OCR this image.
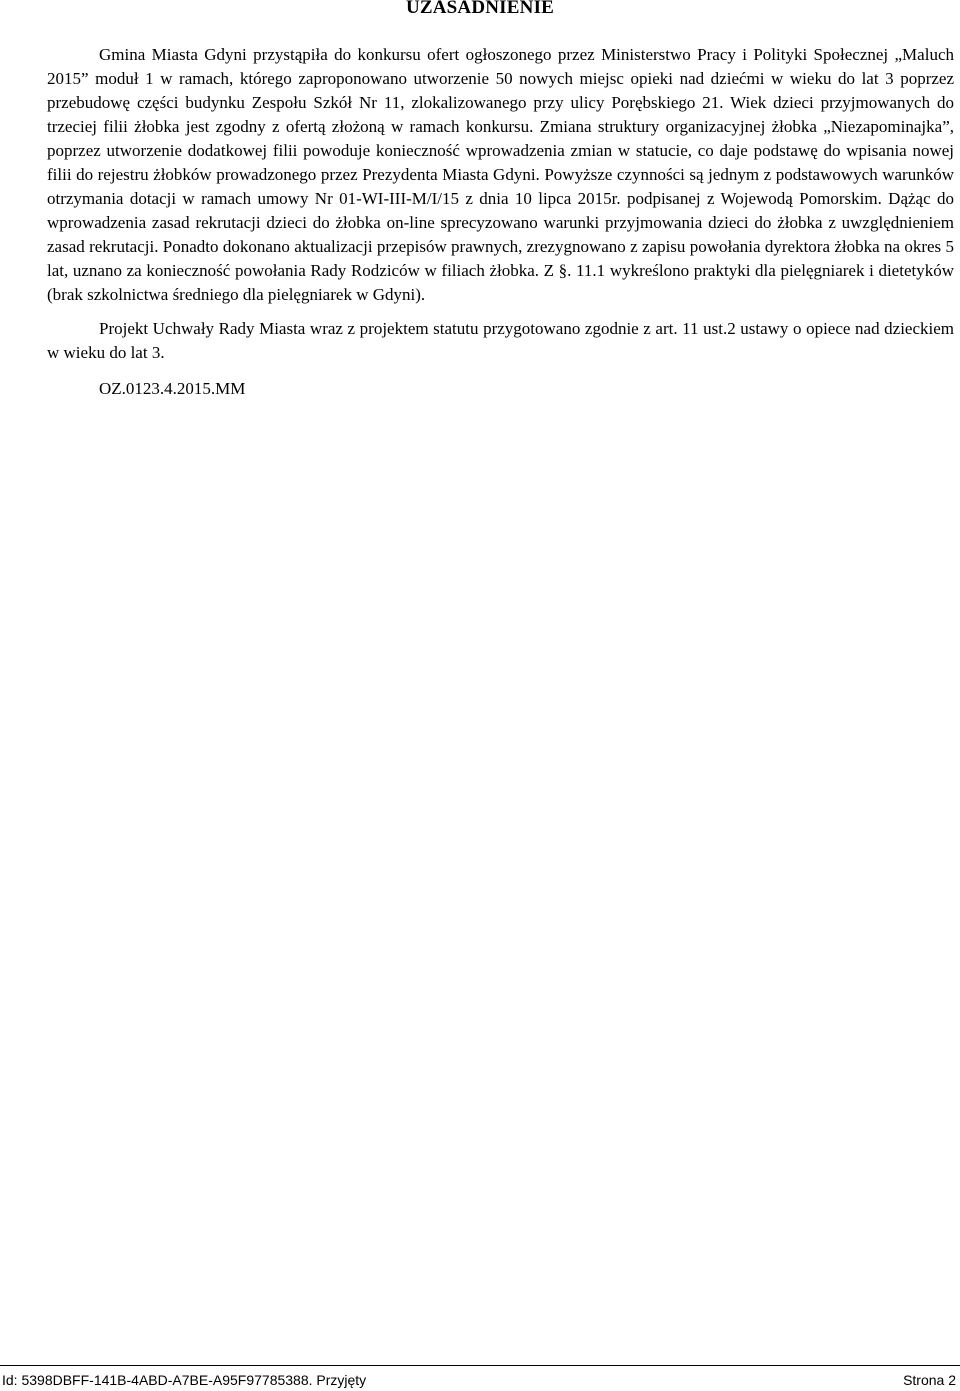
UZASADNIENIE

Gmina Miasta Gdyni przystąpiła do konkursu ofert ogłoszonego przez Ministerstwo Pracy i Polityki Społecznej „Maluch 2015” moduł 1 w ramach, którego zaproponowano utworzenie 50 nowych miejsc opieki nad dziećmi w wieku do lat 3 poprzez przebudowę części budynku Zespołu Szkół Nr 11, zlokalizowanego przy ulicy Porębskiego 21. Wiek dzieci przyjmowanych do trzeciej filii żłobka jest zgodny z ofertą złożoną w ramach konkursu. Zmiana struktury organizacyjnej żłobka „Niezapominajka”, poprzez utworzenie dodatkowej filii powoduje konieczność wprowadzenia zmian w statucie, co daje podstawę do wpisania nowej filii do rejestru żłobków prowadzonego przez Prezydenta Miasta Gdyni. Powyższe czynności są jednym z podstawowych warunków otrzymania dotacji w ramach umowy Nr 01-WI-III-M/I/15 z dnia 10 lipca 2015r. podpisanej z Wojewodą Pomorskim. Dążąc do wprowadzenia zasad rekrutacji dzieci do żłobka on-line sprecyzowano warunki przyjmowania dzieci do żłobka z uwzględnieniem zasad rekrutacji. Ponadto dokonano aktualizacji przepisów prawnych, zrezygnowano z zapisu powołania dyrektora żłobka na okres 5 lat, uznano za konieczność powołania Rady Rodziców w filiach żłobka. Z §. 11.1 wykreślono praktyki dla pielęgniarek i dietetyków (brak szkolnictwa średniego dla pielęgniarek w Gdyni).

Projekt Uchwały Rady Miasta wraz z projektem statutu przygotowano zgodnie z art. 11 ust.2 ustawy o opiece nad dzieckiem w wieku do lat 3.

OZ.0123.4.2015.MM

Id: 5398DBFF-141B-4ABD-A7BE-A95F97785388. Przyjęty	Strona 2
